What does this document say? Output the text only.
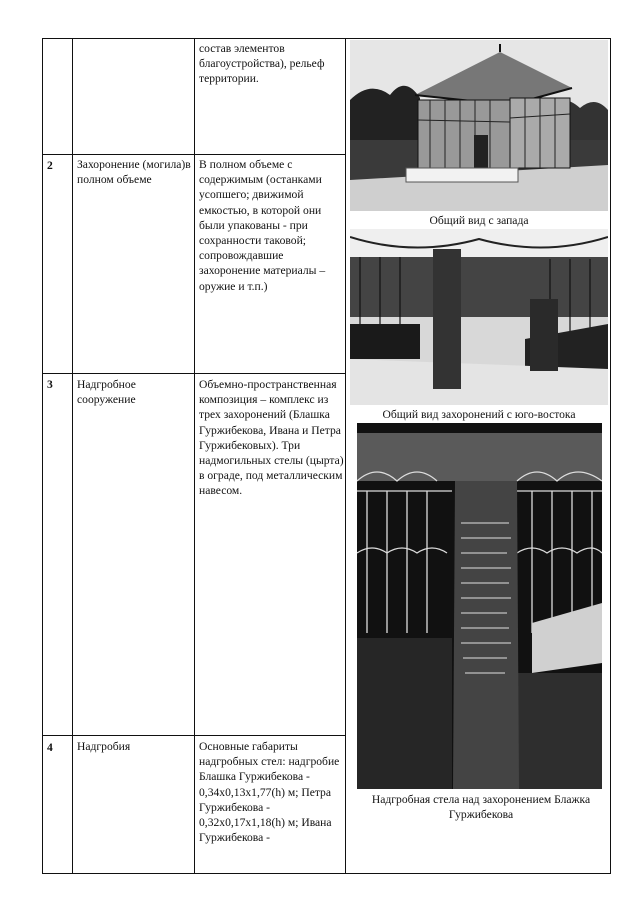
состав элементов благоустройства), рельеф территории.
2 Захоронение (могила)в полном объеме
В полном объеме с содержимым (останками усопшего; движимой емкостью, в которой они были упакованы - при сохранности таковой; сопровождавшие захоронение материалы – оружие и т.п.)
3 Надгробное сооружение
Объемно-пространственная композиция – комплекс из трех захоронений (Блашка Гуржибекова, Ивана и Петра Гуржибековых). Три надмогильных стелы (цырта) в ограде, под металлическим навесом.
4 Надгробия	Основные габариты надгробных стел: надгробие Блашка Гуржибекова - 0,34х0,13х1,77(h) м; Петра Гуржибекова - 0,32х0,17х1,18(h) м; Ивана Гуржибекова -
Общий вид с запада
Общий вид захоронений с юго-востока
Надгробная стела над захоронением Блажка Гуржибекова
